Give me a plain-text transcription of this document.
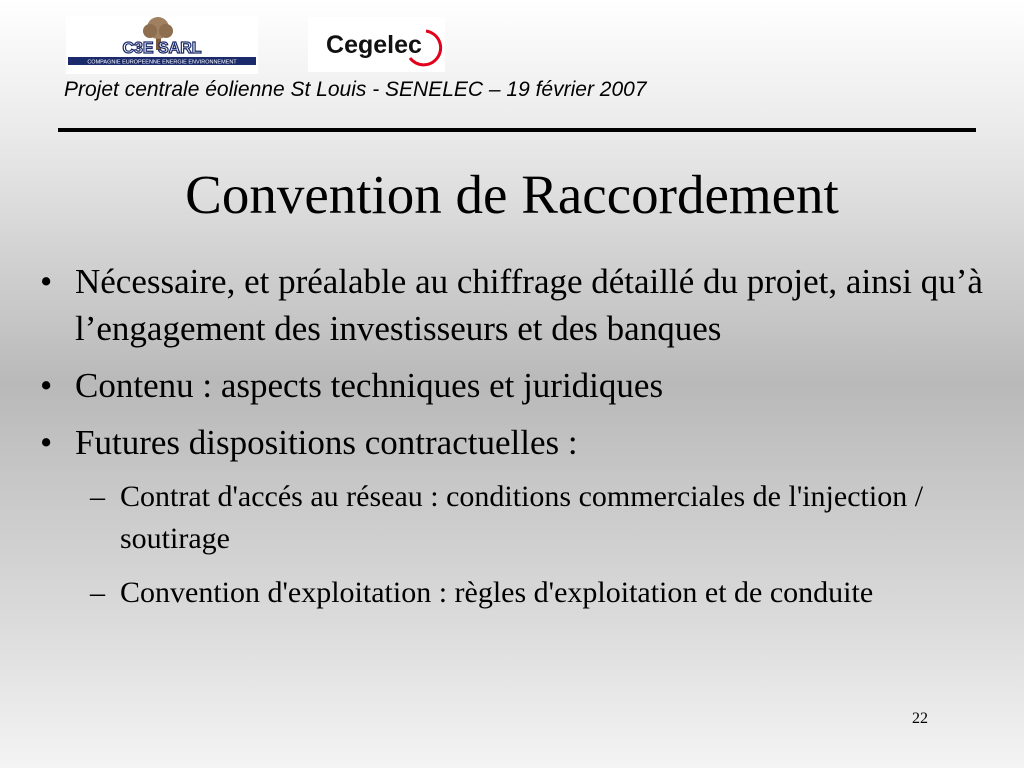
C3E SARL
COMPAGNIE EUROPEENNE ENERGIE ENVIRONNEMENT
Cegelec

Projet centrale éolienne St Louis - SENELEC – 19 février 2007

Convention de Raccordement
• Nécessaire, et préalable au chiffrage détaillé du projet, ainsi qu’à l’engagement des investisseurs et des banques
• Contenu : aspects techniques et juridiques
• Futures dispositions contractuelles :
– Contrat d'accés au réseau : conditions commerciales de l'injection / soutirage
– Convention d'exploitation : règles d'exploitation et de conduite
22
